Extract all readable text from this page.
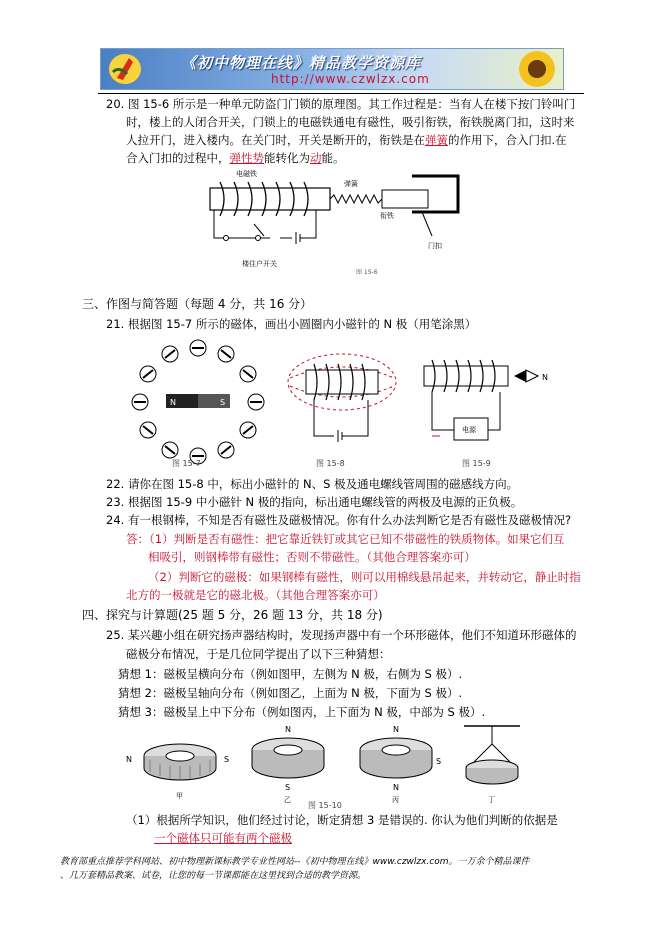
《初中物理在线》精品教学资源库
http://www.czwlzx.com
20. 图 15-6 所示是一种单元防盗门门锁的原理图。其工作过程是：当有人在楼下按门铃叫门
时，楼上的人闭合开关，门锁上的电磁铁通电有磁性，吸引衔铁，衔铁脱离门扣，这时来
人拉开门，进入楼内。在关门时，开关是断开的，衔铁是在弹簧的作用下，合入门扣.在
合入门扣的过程中，弹性势能转化为动能。
电磁铁
弹簧
衔铁
门扣
楼住户开关
图 15-6
三、作图与简答题（每题 4 分，共 16 分）
21. 根据图 15-7 所示的磁体，画出小圆圈内小磁针的 N 极（用笔涂黑）
N	S
图 15-7	图 15-8
N
电源
图 15-9
22. 请你在图 15-8 中，标出小磁针的 N、S 极及通电螺线管周围的磁感线方向。
23. 根据图 15-9 中小磁针 N 极的指向，标出通电螺线管的两极及电源的正负极。
24. 有一根钢棒，不知是否有磁性及磁极情况。你有什么办法判断它是否有磁性及磁极情况?
答：（1）判断是否有磁性：把它靠近铁钉或其它已知不带磁性的铁质物体。如果它们互
相吸引，则钢棒带有磁性；否则不带磁性。（其他合理答案亦可）
（2）判断它的磁极：如果钢棒有磁性，则可以用棉线悬吊起来，并转动它，静止时指
北方的一极就是它的磁北极。（其他合理答案亦可）
四、探究与计算题(25 题 5 分，26 题 13 分，共 18 分)
25. 某兴趣小组在研究扬声器结构时，发现扬声器中有一个环形磁体，他们不知道环形磁体的
磁极分布情况，于是几位同学提出了以下三种猜想：
猜想 1：磁极呈横向分布（例如图甲，左侧为 N 极，右侧为 S 极）.
猜想 2：磁极呈轴向分布（例如图乙，上面为 N 极，下面为 S 极）.
猜想 3：磁极呈上中下分布（例如图丙，上下面为 N 极，中部为 S 极）.
N	S
甲
N
S
乙
N
S
N
丙	丁
图 15-10
（1）根据所学知识，他们经过讨论，断定猜想 3 是错误的. 你认为他们判断的依据是
一个磁体只可能有两个磁极
教育部重点推荐学科网站、初中物理新课标教学专业性网站--《初中物理在线》www.czwlzx.com。一万余个精品课件
、几万套精品教案、试卷，让您的每一节课都能在这里找到合适的教学资源。
